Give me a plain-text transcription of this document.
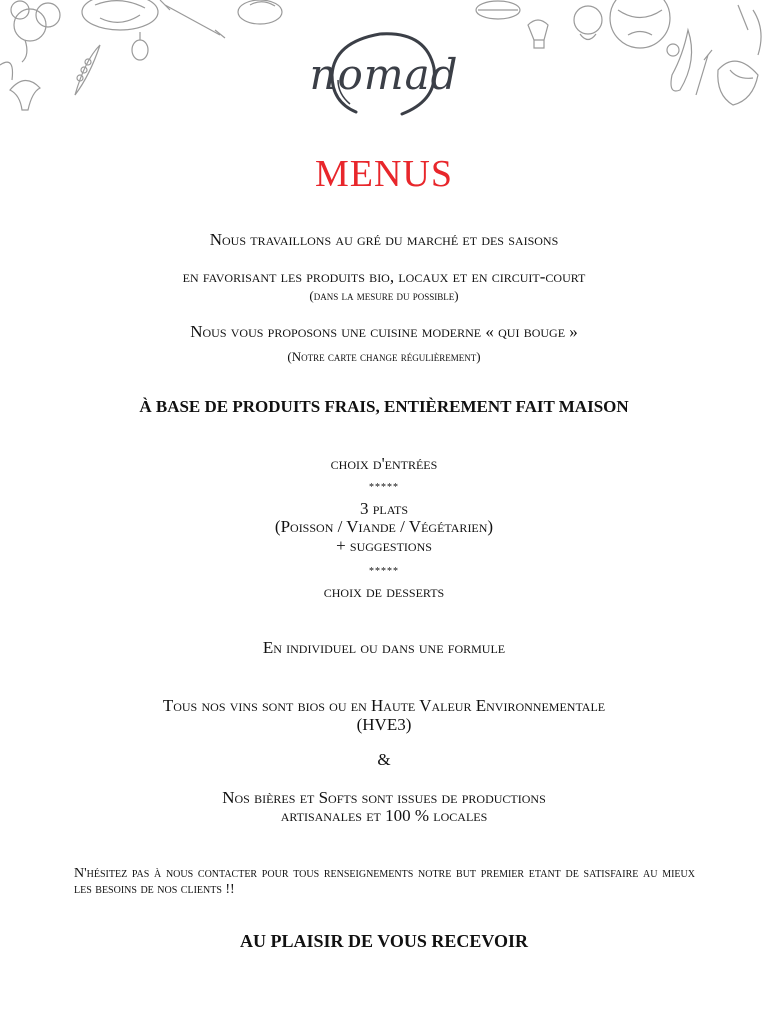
nomad
MENUS
Nous travaillons au gré du marché et des saisons
en favorisant les produits bio, locaux et en circuit-court
(dans la mesure du possible)
Nous vous proposons une cuisine moderne « qui bouge »
(Notre carte change régulièrement)
À BASE DE PRODUITS FRAIS, ENTIÈREMENT FAIT MAISON
choix d'entrées
*****
3 plats
(Poisson / Viande / Végétarien)
+ suggestions
*****
choix de desserts
En individuel ou dans une formule
Tous nos vins sont bios ou en Haute Valeur Environnementale
(HVE3)
&
Nos bières et Softs sont issues de productions
artisanales et 100 % locales
N'hésitez pas à nous contacter pour tous renseignements notre but premier etant de satisfaire au mieux les besoins de nos clients !!
AU PLAISIR DE VOUS RECEVOIR
